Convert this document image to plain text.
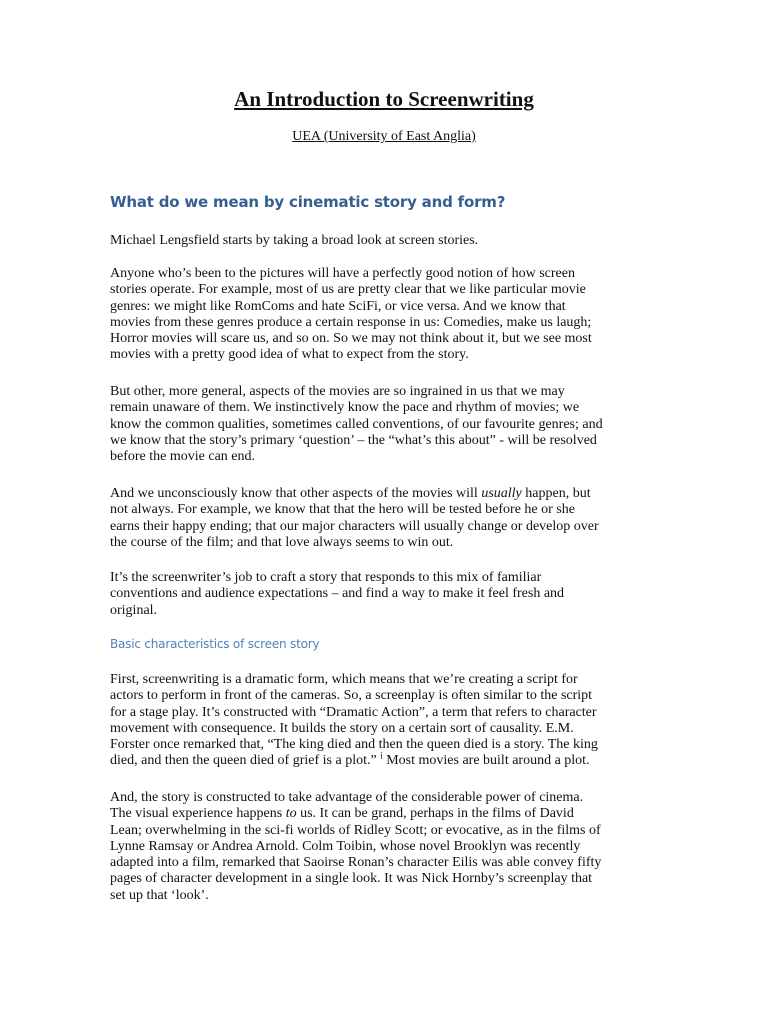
An Introduction to Screenwriting
UEA (University of East Anglia)
What do we mean by cinematic story and form?
Michael Lengsfield starts by taking a broad look at screen stories.
Anyone who’s been to the pictures will have a perfectly good notion of how screen
stories operate. For example, most of us are pretty clear that we like particular movie
genres: we might like RomComs and hate SciFi, or vice versa. And we know that
movies from these genres produce a certain response in us: Comedies, make us laugh;
Horror movies will scare us, and so on. So we may not think about it, but we see most
movies with a pretty good idea of what to expect from the story.
But other, more general, aspects of the movies are so ingrained in us that we may
remain unaware of them. We instinctively know the pace and rhythm of movies; we
know the common qualities, sometimes called conventions, of our favourite genres; and
we know that the story’s primary ‘question’ – the “what’s this about” - will be resolved
before the movie can end.
And we unconsciously know that other aspects of the movies will usually happen, but
not always. For example, we know that that the hero will be tested before he or she
earns their happy ending; that our major characters will usually change or develop over
the course of the film; and that love always seems to win out.
It’s the screenwriter’s job to craft a story that responds to this mix of familiar
conventions and audience expectations – and find a way to make it feel fresh and
original.
Basic characteristics of screen story
First, screenwriting is a dramatic form, which means that we’re creating a script for
actors to perform in front of the cameras. So, a screenplay is often similar to the script
for a stage play. It’s constructed with “Dramatic Action”, a term that refers to character
movement with consequence. It builds the story on a certain sort of causality. E.M.
Forster once remarked that, “The king died and then the queen died is a story. The king
died, and then the queen died of grief is a plot.” $^i$ Most movies are built around a plot.
And, the story is constructed to take advantage of the considerable power of cinema.
The visual experience happens to us. It can be grand, perhaps in the films of David
Lean; overwhelming in the sci-fi worlds of Ridley Scott; or evocative, as in the films of
Lynne Ramsay or Andrea Arnold. Colm Toibin, whose novel Brooklyn was recently
adapted into a film, remarked that Saoirse Ronan’s character Eilis was able convey fifty
pages of character development in a single look. It was Nick Hornby’s screenplay that
set up that ‘look’.
